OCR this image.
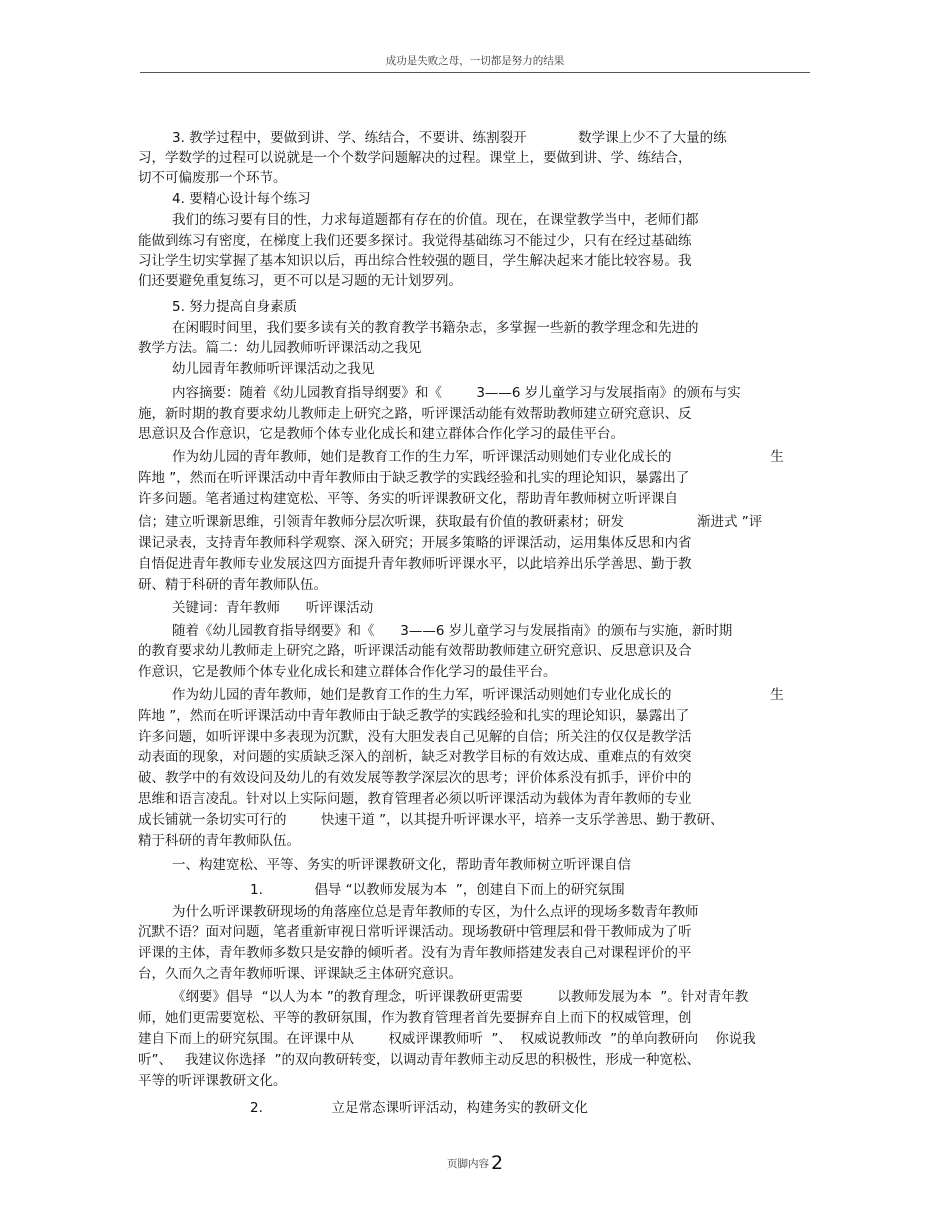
成功是失败之母，一切都是努力的结果
3. 教学过程中，要做到讲、学、练结合，不要讲、练割裂开            数学课上少不了大量的练
习，学数学的过程可以说就是一个个数学问题解决的过程。课堂上，要做到讲、学、练结合，
切不可偏废那一个环节。
4. 要精心设计每个练习
我们的练习要有目的性，力求每道题都有存在的价值。现在，在课堂教学当中，老师们都
能做到练习有密度，在梯度上我们还要多探讨。我觉得基础练习不能过少，只有在经过基础练
习让学生切实掌握了基本知识以后，再出综合性较强的题目，学生解决起来才能比较容易。我
们还要避免重复练习，更不可以是习题的无计划罗列。
5. 努力提高自身素质
在闲暇时间里，我们要多读有关的教育教学书籍杂志，多掌握一些新的教学理念和先进的
教学方法。篇二：幼儿园教师听评课活动之我见
幼儿园青年教师听评课活动之我见
内容摘要：随着《幼儿园教育指导纲要》和《        3——6 岁儿童学习与发展指南》的颁布与实
施，新时期的教育要求幼儿教师走上研究之路，听评课活动能有效帮助教师建立研究意识、反
思意识及合作意识，它是教师个体专业化成长和建立群体合作化学习的最佳平台。
作为幼儿园的青年教师，她们是教育工作的生力军，听评课活动则她们专业化成长的                       生
阵地 ”，然而在听评课活动中青年教师由于缺乏教学的实践经验和扎实的理论知识，暴露出了
许多问题。笔者通过构建宽松、平等、务实的听评课教研文化，帮助青年教师树立听评课自
信；建立听课新思维，引领青年教师分层次听课，获取最有价值的教研素材；研发                 渐进式 ”评
课记录表，支持青年教师科学观察、深入研究；开展多策略的评课活动，运用集体反思和内省
自悟促进青年教师专业发展这四方面提升青年教师听评课水平，以此培养出乐学善思、勤于教
研、精于科研的青年教师队伍。
关键词：青年教师      听评课活动
随着《幼儿园教育指导纲要》和《      3——6 岁儿童学习与发展指南》的颁布与实施，新时期
的教育要求幼儿教师走上研究之路，听评课活动能有效帮助教师建立研究意识、反思意识及合
作意识，它是教师个体专业化成长和建立群体合作化学习的最佳平台。
作为幼儿园的青年教师，她们是教育工作的生力军，听评课活动则她们专业化成长的                       生
阵地 ”，然而在听评课活动中青年教师由于缺乏教学的实践经验和扎实的理论知识，暴露出了
许多问题，如听评课中多表现为沉默，没有大胆发表自己见解的自信；所关注的仅仅是教学活
动表面的现象，对问题的实质缺乏深入的剖析，缺乏对教学目标的有效达成、重难点的有效突
破、教学中的有效设问及幼儿的有效发展等教学深层次的思考；评价体系没有抓手，评价中的
思维和语言凌乱。针对以上实际问题，教育管理者必须以听评课活动为载体为青年教师的专业
成长铺就一条切实可行的        快速干道 ”，以其提升听评课水平，培养一支乐学善思、勤于教研、
精于科研的青年教师队伍。
一、构建宽松、平等、务实的听评课教研文化，帮助青年教师树立听评课自信
1.            倡导 “以教师发展为本  ”，创建自下而上的研究氛围
为什么听评课教研现场的角落座位总是青年教师的专区，为什么点评的现场多数青年教师
沉默不语？面对问题，笔者重新审视日常听评课活动。现场教研中管理层和骨干教师成为了听
评课的主体，青年教师多数只是安静的倾听者。没有为青年教师搭建发表自己对课程评价的平
台，久而久之青年教师听课、评课缺乏主体研究意识。
《纲要》倡导  “以人为本 ”的教育理念，听评课教研更需要        以教师发展为本  ”。针对青年教
师，她们更需要宽松、平等的教研氛围，作为教育管理者首先要摒弃自上而下的权威管理，创
建自下而上的研究氛围。在评课中从        权威评课教师听  ”、  权威说教师改  ”的单向教研向    你说我
听”、   我建议你选择  ”的双向教研转变，以调动青年教师主动反思的积极性，形成一种宽松、
平等的听评课教研文化。
2.                立足常态课听评活动，构建务实的教研文化
页脚内容 2
